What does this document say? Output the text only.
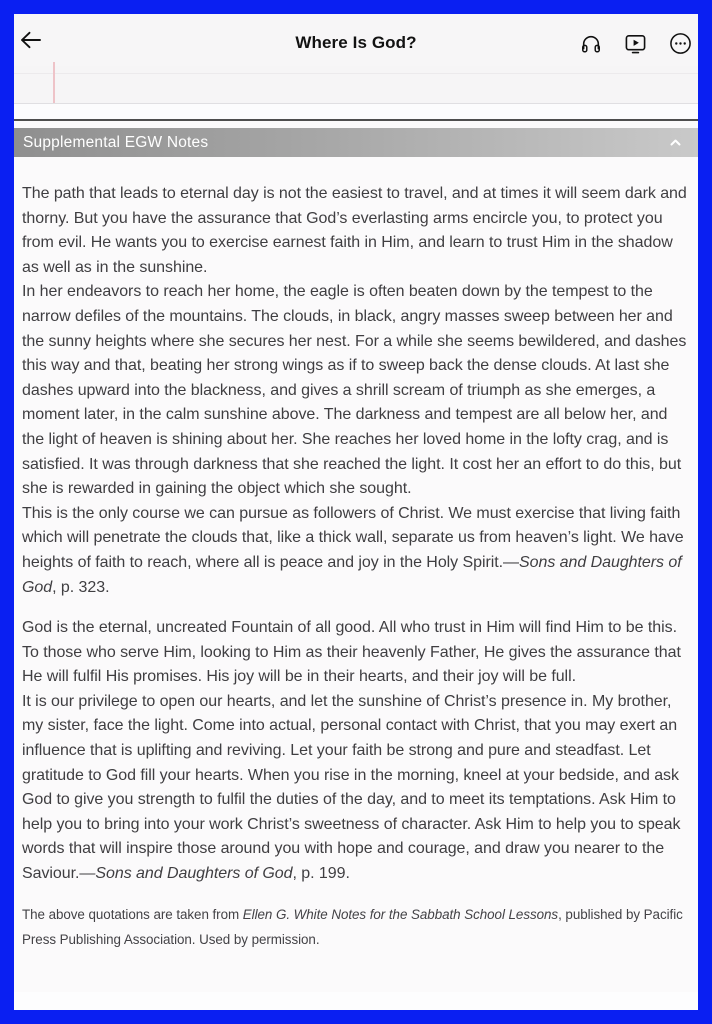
Where Is God?
Supplemental EGW Notes

The path that leads to eternal day is not the easiest to travel, and at times it will seem dark and thorny. But you have the assurance that God’s everlasting arms encircle you, to protect you from evil. He wants you to exercise earnest faith in Him, and learn to trust Him in the shadow as well as in the sunshine.

In her endeavors to reach her home, the eagle is often beaten down by the tempest to the narrow defiles of the mountains. The clouds, in black, angry masses sweep between her and the sunny heights where she secures her nest. For a while she seems bewildered, and dashes this way and that, beating her strong wings as if to sweep back the dense clouds. At last she dashes upward into the blackness, and gives a shrill scream of triumph as she emerges, a moment later, in the calm sunshine above. The darkness and tempest are all below her, and the light of heaven is shining about her. She reaches her loved home in the lofty crag, and is satisfied. It was through darkness that she reached the light. It cost her an effort to do this, but she is rewarded in gaining the object which she sought.

This is the only course we can pursue as followers of Christ. We must exercise that living faith which will penetrate the clouds that, like a thick wall, separate us from heaven’s light. We have heights of faith to reach, where all is peace and joy in the Holy Spirit.—Sons and Daughters of God, p. 323.

God is the eternal, uncreated Fountain of all good. All who trust in Him will find Him to be this. To those who serve Him, looking to Him as their heavenly Father, He gives the assurance that He will fulfil His promises. His joy will be in their hearts, and their joy will be full.

It is our privilege to open our hearts, and let the sunshine of Christ’s presence in. My brother, my sister, face the light. Come into actual, personal contact with Christ, that you may exert an influence that is uplifting and reviving. Let your faith be strong and pure and steadfast. Let gratitude to God fill your hearts. When you rise in the morning, kneel at your bedside, and ask God to give you strength to fulfil the duties of the day, and to meet its temptations. Ask Him to help you to bring into your work Christ’s sweetness of character. Ask Him to help you to speak words that will inspire those around you with hope and courage, and draw you nearer to the Saviour.—Sons and Daughters of God, p. 199.

The above quotations are taken from Ellen G. White Notes for the Sabbath School Lessons, published by Pacific Press Publishing Association. Used by permission.
